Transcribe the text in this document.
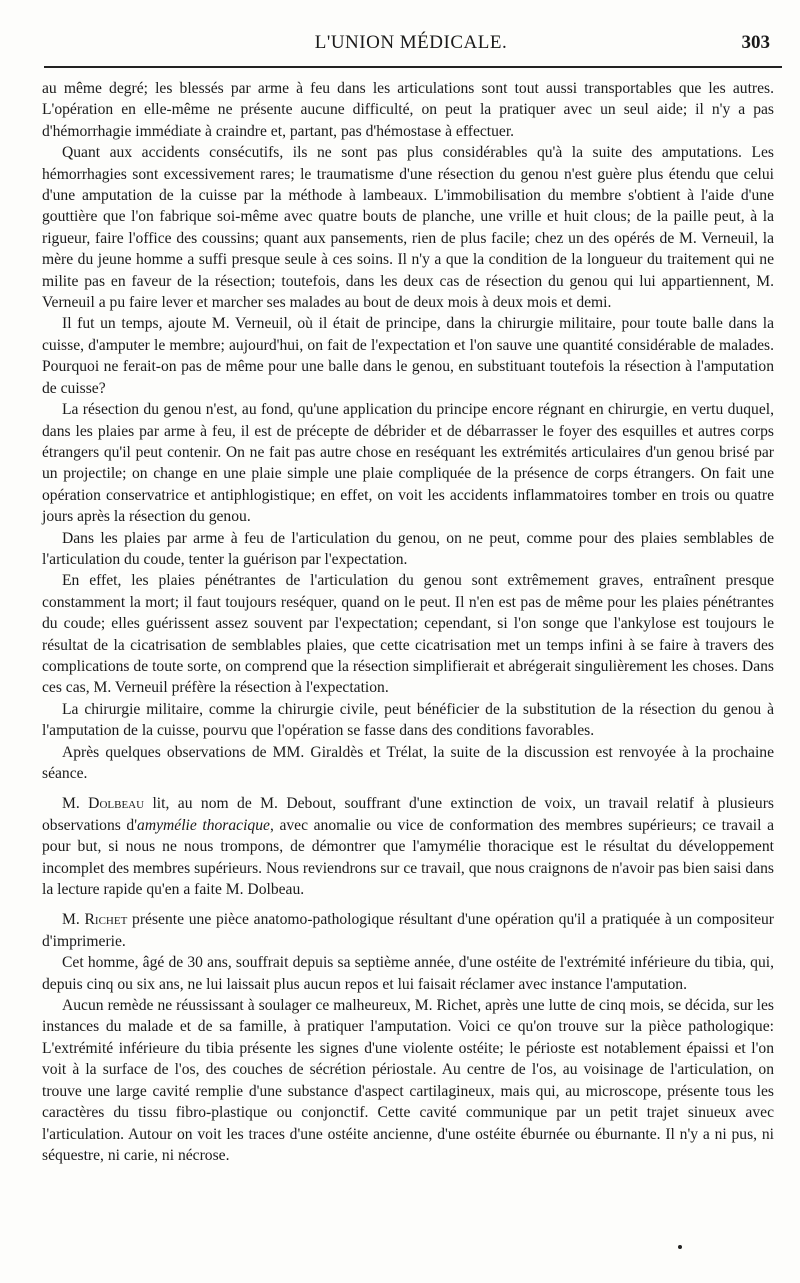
L'UNION MÉDICALE.	303

au même degré; les blessés par arme à feu dans les articulations sont tout aussi transportables que les autres. L'opération en elle-même ne présente aucune difficulté, on peut la pratiquer avec un seul aide; il n'y a pas d'hémorrhagie immédiate à craindre et, partant, pas d'hémostase à effectuer.

Quant aux accidents consécutifs, ils ne sont pas plus considérables qu'à la suite des amputations. Les hémorrhagies sont excessivement rares; le traumatisme d'une résection du genou n'est guère plus étendu que celui d'une amputation de la cuisse par la méthode à lambeaux. L'immobilisation du membre s'obtient à l'aide d'une gouttière que l'on fabrique soi-même avec quatre bouts de planche, une vrille et huit clous; de la paille peut, à la rigueur, faire l'office des coussins; quant aux pansements, rien de plus facile; chez un des opérés de M. Verneuil, la mère du jeune homme a suffi presque seule à ces soins. Il n'y a que la condition de la longueur du traitement qui ne milite pas en faveur de la résection; toutefois, dans les deux cas de résection du genou qui lui appartiennent, M. Verneuil a pu faire lever et marcher ses malades au bout de deux mois à deux mois et demi.

Il fut un temps, ajoute M. Verneuil, où il était de principe, dans la chirurgie militaire, pour toute balle dans la cuisse, d'amputer le membre; aujourd'hui, on fait de l'expectation et l'on sauve une quantité considérable de malades. Pourquoi ne ferait-on pas de même pour une balle dans le genou, en substituant toutefois la résection à l'amputation de cuisse?

La résection du genou n'est, au fond, qu'une application du principe encore régnant en chirurgie, en vertu duquel, dans les plaies par arme à feu, il est de précepte de débrider et de débarrasser le foyer des esquilles et autres corps étrangers qu'il peut contenir. On ne fait pas autre chose en reséquant les extrémités articulaires d'un genou brisé par un projectile; on change en une plaie simple une plaie compliquée de la présence de corps étrangers. On fait une opération conservatrice et antiphlogistique; en effet, on voit les accidents inflammatoires tomber en trois ou quatre jours après la résection du genou.

Dans les plaies par arme à feu de l'articulation du genou, on ne peut, comme pour des plaies semblables de l'articulation du coude, tenter la guérison par l'expectation.

En effet, les plaies pénétrantes de l'articulation du genou sont extrêmement graves, entraînent presque constamment la mort; il faut toujours reséquer, quand on le peut. Il n'en est pas de même pour les plaies pénétrantes du coude; elles guérissent assez souvent par l'expectation; cependant, si l'on songe que l'ankylose est toujours le résultat de la cicatrisation de semblables plaies, que cette cicatrisation met un temps infini à se faire à travers des complications de toute sorte, on comprend que la résection simplifierait et abrégerait singulièrement les choses. Dans ces cas, M. Verneuil préfère la résection à l'expectation.

La chirurgie militaire, comme la chirurgie civile, peut bénéficier de la substitution de la résection du genou à l'amputation de la cuisse, pourvu que l'opération se fasse dans des conditions favorables.

Après quelques observations de MM. Giraldès et Trélat, la suite de la discussion est renvoyée à la prochaine séance.

M. Dolbeau lit, au nom de M. Debout, souffrant d'une extinction de voix, un travail relatif à plusieurs observations d'amymélie thoracique, avec anomalie ou vice de conformation des membres supérieurs; ce travail a pour but, si nous ne nous trompons, de démontrer que l'amymélie thoracique est le résultat du développement incomplet des membres supérieurs. Nous reviendrons sur ce travail, que nous craignons de n'avoir pas bien saisi dans la lecture rapide qu'en a faite M. Dolbeau.

M. Richet présente une pièce anatomo-pathologique résultant d'une opération qu'il a pratiquée à un compositeur d'imprimerie.

Cet homme, âgé de 30 ans, souffrait depuis sa septième année, d'une ostéite de l'extrémité inférieure du tibia, qui, depuis cinq ou six ans, ne lui laissait plus aucun repos et lui faisait réclamer avec instance l'amputation.

Aucun remède ne réussissant à soulager ce malheureux, M. Richet, après une lutte de cinq mois, se décida, sur les instances du malade et de sa famille, à pratiquer l'amputation. Voici ce qu'on trouve sur la pièce pathologique: L'extrémité inférieure du tibia présente les signes d'une violente ostéite; le périoste est notablement épaissi et l'on voit à la surface de l'os, des couches de sécrétion périostale. Au centre de l'os, au voisinage de l'articulation, on trouve une large cavité remplie d'une substance d'aspect cartilagineux, mais qui, au microscope, présente tous les caractères du tissu fibro-plastique ou conjonctif. Cette cavité communique par un petit trajet sinueux avec l'articulation. Autour on voit les traces d'une ostéite ancienne, d'une ostéite éburnée ou éburnante. Il n'y a ni pus, ni séquestre, ni carie, ni nécrose.
